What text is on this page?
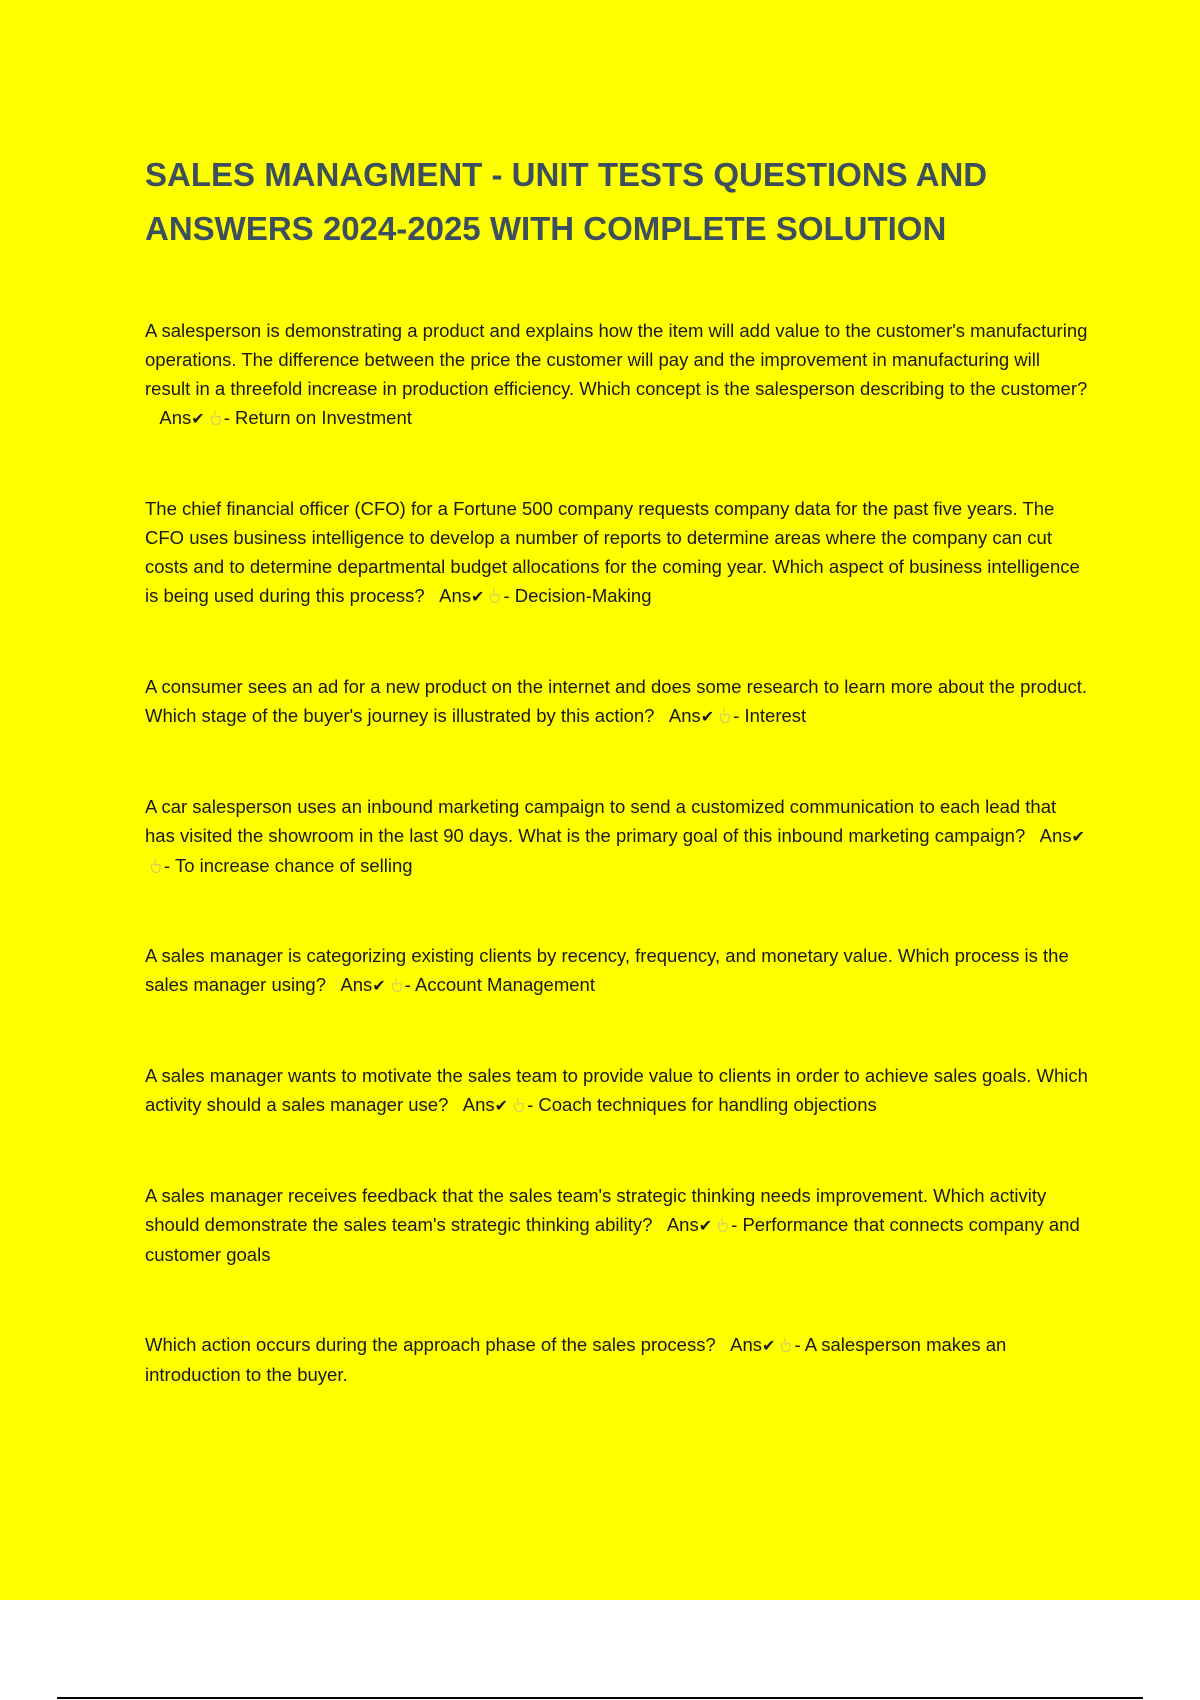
SALES MANAGMENT - UNIT TESTS QUESTIONS AND ANSWERS 2024-2025 WITH COMPLETE SOLUTION

A salesperson is demonstrating a product and explains how the item will add value to the customer's manufacturing operations. The difference between the price the customer will pay and the improvement in manufacturing will result in a threefold increase in production efficiency. Which concept is the salesperson describing to the customer?   Ans✔ - Return on Investment

The chief financial officer (CFO) for a Fortune 500 company requests company data for the past five years. The CFO uses business intelligence to develop a number of reports to determine areas where the company can cut costs and to determine departmental budget allocations for the coming year. Which aspect of business intelligence is being used during this process? Ans✔ - Decision-Making

A consumer sees an ad for a new product on the internet and does some research to learn more about the product. Which stage of the buyer's journey is illustrated by this action? Ans✔ - Interest

A car salesperson uses an inbound marketing campaign to send a customized communication to each lead that has visited the showroom in the last 90 days. What is the primary goal of this inbound marketing campaign? Ans✔- To increase chance of selling

A sales manager is categorizing existing clients by recency, frequency, and monetary value. Which process is the sales manager using? Ans✔ - Account Management

A sales manager wants to motivate the sales team to provide value to clients in order to achieve sales goals. Which activity should a sales manager use? Ans✔ - Coach techniques for handling objections

A sales manager receives feedback that the sales team's strategic thinking needs improvement. Which activity should demonstrate the sales team's strategic thinking ability? Ans✔ - Performance that connects company and customer goals

Which action occurs during the approach phase of the sales process? Ans✔ - A salesperson makes an introduction to the buyer.
